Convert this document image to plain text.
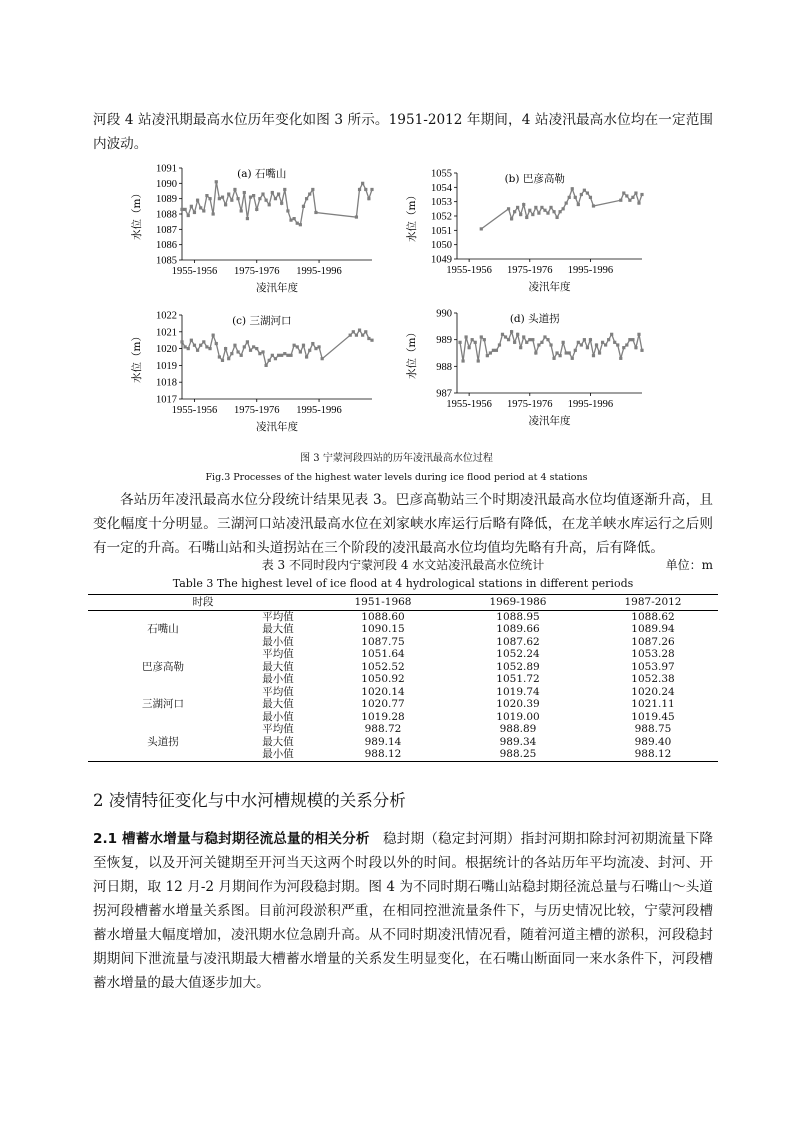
河段 4 站凌汛期最高水位历年变化如图 3 所示。1951-2012 年期间，4 站凌汛最高水位均在一定范围内波动。

1085
1086
1087
1088
1089
1090
1091
1955-1956 1975-1976 1995-1996
凌汛年度
水位（m）
(a) 石嘴山
1049
1050
1051
1052
1053
1054
1055
1955-1956 1975-1976 1995-1996
凌汛年度
水位（m）
(b) 巴彦高勒
1017
1018
1019
1020
1021
1022
1955-1956 1975-1976 1995-1996
凌汛年度
水位（m）
(c) 三湖河口
987
988
989
990
1955-1956 1975-1976 1995-1996
凌汛年度
水位（m）
(d) 头道拐
图 3 宁蒙河段四站的历年凌汛最高水位过程
Fig.3 Processes of the highest water levels during ice flood period at 4 stations

各站历年凌汛最高水位分段统计结果见表 3。巴彦高勒站三个时期凌汛最高水位均值逐渐升高，且变化幅度十分明显。三湖河口站凌汛最高水位在刘家峡水库运行后略有降低，在龙羊峡水库运行之后则有一定的升高。石嘴山站和头道拐站在三个阶段的凌汛最高水位均值均先略有升高，后有降低。

表 3 不同时段内宁蒙河段 4 水文站凌汛最高水位统计	单位：m
Table 3 The highest level of ice flood at 4 hydrological stations in different periods
时段		1951-1968	1969-1986	1987-2012
石嘴山	平均值	1088.60	1088.95	1088.62
	最大值	1090.15	1089.66	1089.94
	最小值	1087.75	1087.62	1087.26
巴彦高勒	平均值	1051.64	1052.24	1053.28
	最大值	1052.52	1052.89	1053.97
	最小值	1050.92	1051.72	1052.38
三湖河口	平均值	1020.14	1019.74	1020.24
	最大值	1020.77	1020.39	1021.11
	最小值	1019.28	1019.00	1019.45
头道拐	平均值	988.72	988.89	988.75
	最大值	989.14	989.34	989.40
	最小值	988.12	988.25	988.12
2 凌情特征变化与中水河槽规模的关系分析

2.1 槽蓄水增量与稳封期径流总量的相关分析 稳封期（稳定封河期）指封河期扣除封河初期流量下降至恢复，以及开河关键期至开河当天这两个时段以外的时间。根据统计的各站历年平均流凌、封河、开河日期，取 12 月-2 月期间作为河段稳封期。图 4 为不同时期石嘴山站稳封期径流总量与石嘴山～头道拐河段槽蓄水增量关系图。目前河段淤积严重，在相同控泄流量条件下，与历史情况比较，宁蒙河段槽蓄水增量大幅度增加，凌汛期水位急剧升高。从不同时期凌汛情况看，随着河道主槽的淤积，河段稳封期期间下泄流量与凌汛期最大槽蓄水增量的关系发生明显变化，在石嘴山断面同一来水条件下，河段槽蓄水增量的最大值逐步加大。
